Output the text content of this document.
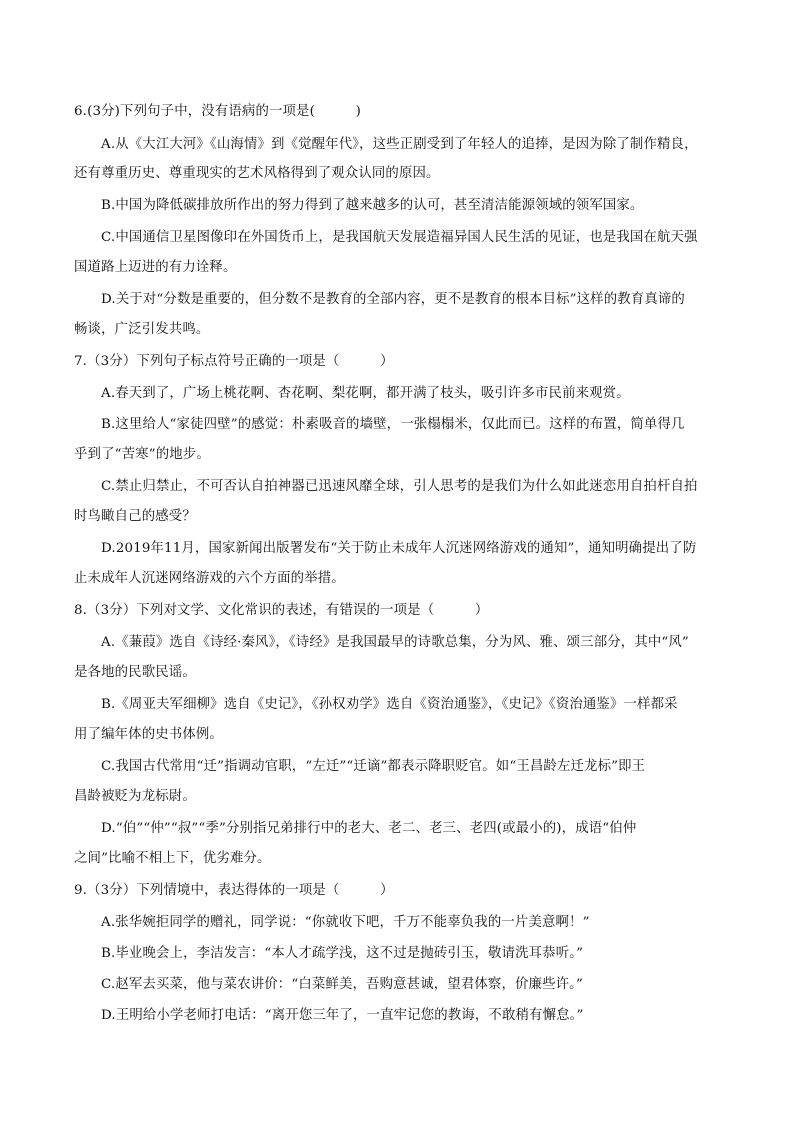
6.(3分)下列句子中，没有语病的一项是(　　　)
A.从《大江大河》《山海情》到《觉醒年代》，这些正剧受到了年轻人的追捧，是因为除了制作精良，
还有尊重历史、尊重现实的艺术风格得到了观众认同的原因。
B.中国为降低碳排放所作出的努力得到了越来越多的认可，甚至清洁能源领域的领军国家。
C.中国通信卫星图像印在外国货币上，是我国航天发展造福异国人民生活的见证，也是我国在航天强
国道路上迈进的有力诠释。
D.关于对“分数是重要的，但分数不是教育的全部内容，更不是教育的根本目标”这样的教育真谛的
畅谈，广泛引发共鸣。
7.（3分）下列句子标点符号正确的一项是（　　　）
A.春天到了，广场上桃花啊、杏花啊、梨花啊，都开满了枝头，吸引许多市民前来观赏。
B.这里给人“家徒四壁”的感觉：朴素吸音的墙壁，一张榻榻米，仅此而已。这样的布置，简单得几
乎到了“苦寒”的地步。
C.禁止归禁止，不可否认自拍神器已迅速风靡全球，引人思考的是我们为什么如此迷恋用自拍杆自拍
时鸟瞰自己的感受？
D.2019年11月，国家新闻出版署发布“关于防止未成年人沉迷网络游戏的通知”，通知明确提出了防
止未成年人沉迷网络游戏的六个方面的举措。
8.（3分）下列对文学、文化常识的表述，有错误的一项是（　　　）
A.《蒹葭》选自《诗经·秦风》，《诗经》是我国最早的诗歌总集，分为风、雅、颂三部分，其中“风”
是各地的民歌民谣。
B.《周亚夫军细柳》选自《史记》，《孙权劝学》选自《资治通鉴》，《史记》《资治通鉴》一样都采
用了编年体的史书体例。
C.我国古代常用“迁”指调动官职，“左迁”“迁谪”都表示降职贬官。如“王昌龄左迁龙标”即王
昌龄被贬为龙标尉。
D.“伯”“仲”“叔”“季”分别指兄弟排行中的老大、老二、老三、老四(或最小的)，成语“伯仲
之间”比喻不相上下，优劣难分。
9.（3分）下列情境中，表达得体的一项是（　　　）
A.张华婉拒同学的赠礼，同学说：“你就收下吧，千万不能辜负我的一片美意啊！”
B.毕业晚会上，李洁发言：“本人才疏学浅，这不过是抛砖引玉，敬请洗耳恭听。”
C.赵军去买菜，他与菜农讲价：“白菜鲜美，吾购意甚诚，望君体察，价廉些许。”
D.王明给小学老师打电话：“离开您三年了，一直牢记您的教诲，不敢稍有懈怠。”
